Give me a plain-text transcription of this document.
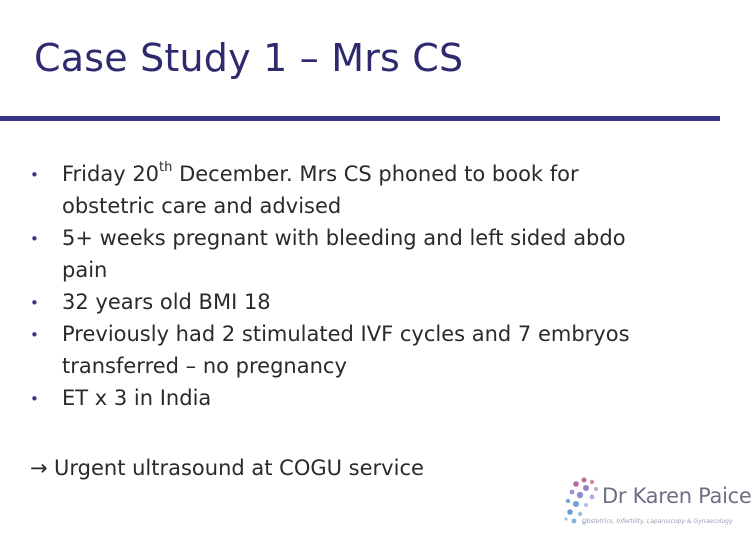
Case Study 1 – Mrs CS
• Friday 20th December. Mrs CS phoned to book for
obstetric care and advised
• 5+ weeks pregnant with bleeding and left sided abdo
pain
• 32 years old BMI 18
• Previously had 2 stimulated IVF cycles and 7 embryos
transferred – no pregnancy
• ET x 3 in India
→ Urgent ultrasound at COGU service
Dr Karen Paice
Obstetrics, Infertility, Laparoscopy & Gynaecology
